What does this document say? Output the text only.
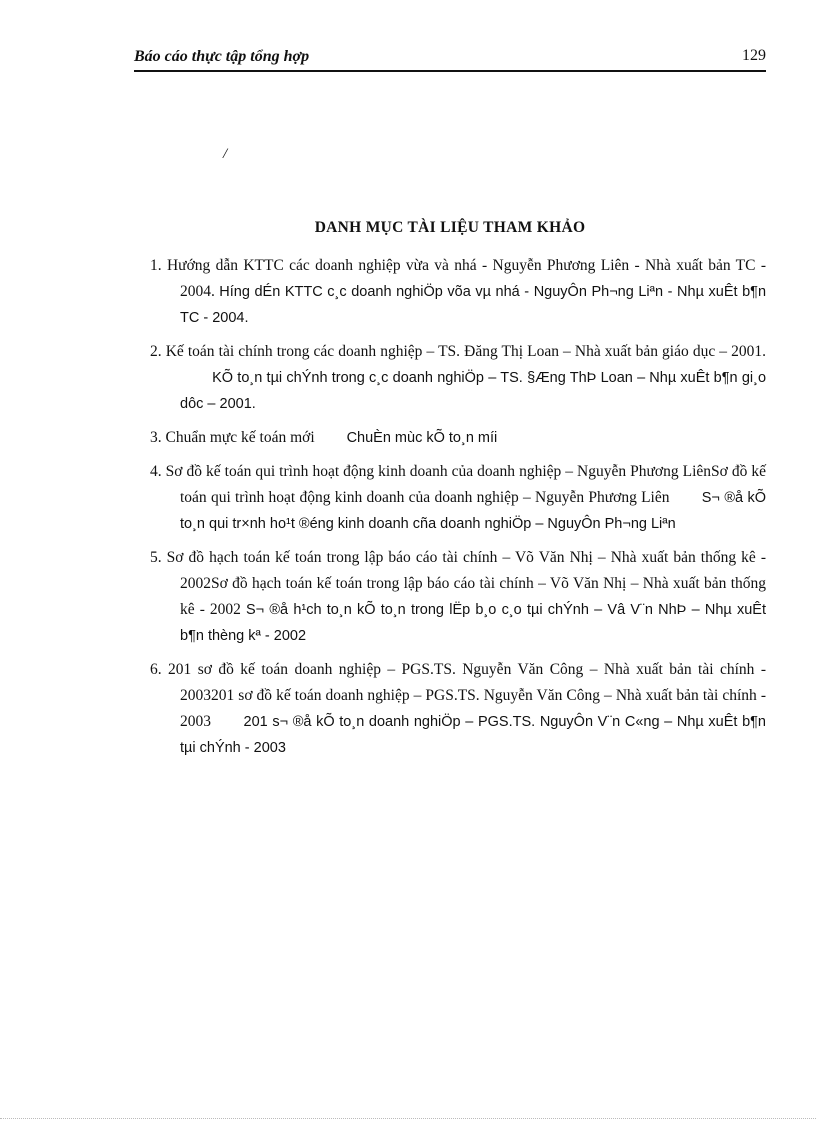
Báo cáo thực tập tổng hợp	129
/
DANH MỤC TÀI LIỆU THAM KHẢO
1. Hướng dẫn KTTC các doanh nghiệp vừa và nhá - Nguyễn Phương Liên - Nhà xuất bản TC - 2004. Híng dÉn KTTC c¸c doanh nghiÖp võa vµ nhá - NguyÔn Ph¬ng Liªn - Nhµ xuÊt b¶n TC - 2004.
2. Kế toán tài chính trong các doanh nghiệp – TS. Đăng Thị Loan – Nhà xuất bản giáo dục – 2001. KÕ to¸n tµi chÝnh trong c¸c doanh nghiÖp – TS. §Æng ThÞ Loan – Nhµ xuÊt b¶n gi¸o dôc – 2001.
3. Chuẩn mực kế toán mới ChuÈn mùc kÕ to¸n míi
4. Sơ đồ kế toán qui trình hoạt động kinh doanh của doanh nghiệp – Nguyễn Phương LiênSơ đồ kế toán qui trình hoạt động kinh doanh của doanh nghiệp – Nguyễn Phương Liên S¬ ®å kÕ to¸n qui tr×nh ho¹t ®éng kinh doanh cña doanh nghiÖp – NguyÔn Ph¬ng Liªn
5. Sơ đồ hạch toán kế toán trong lập báo cáo tài chính – Võ Văn Nhị – Nhà xuất bản thống kê - 2002Sơ đồ hạch toán kế toán trong lập báo cáo tài chính – Võ Văn Nhị – Nhà xuất bản thống kê - 2002 S¬ ®å h¹ch to¸n kÕ to¸n trong lËp b¸o c¸o tµi chÝnh – Vâ V¨n NhÞ – Nhµ xuÊt b¶n thèng kª - 2002
6. 201 sơ đồ kế toán doanh nghiệp – PGS.TS. Nguyễn Văn Công – Nhà xuất bản tài chính - 2003201 sơ đồ kế toán doanh nghiệp – PGS.TS. Nguyễn Văn Công – Nhà xuất bản tài chính - 2003 201 s¬ ®å kÕ to¸n doanh nghiÖp – PGS.TS. NguyÔn V¨n C«ng – Nhµ xuÊt b¶n tµi chÝnh - 2003
